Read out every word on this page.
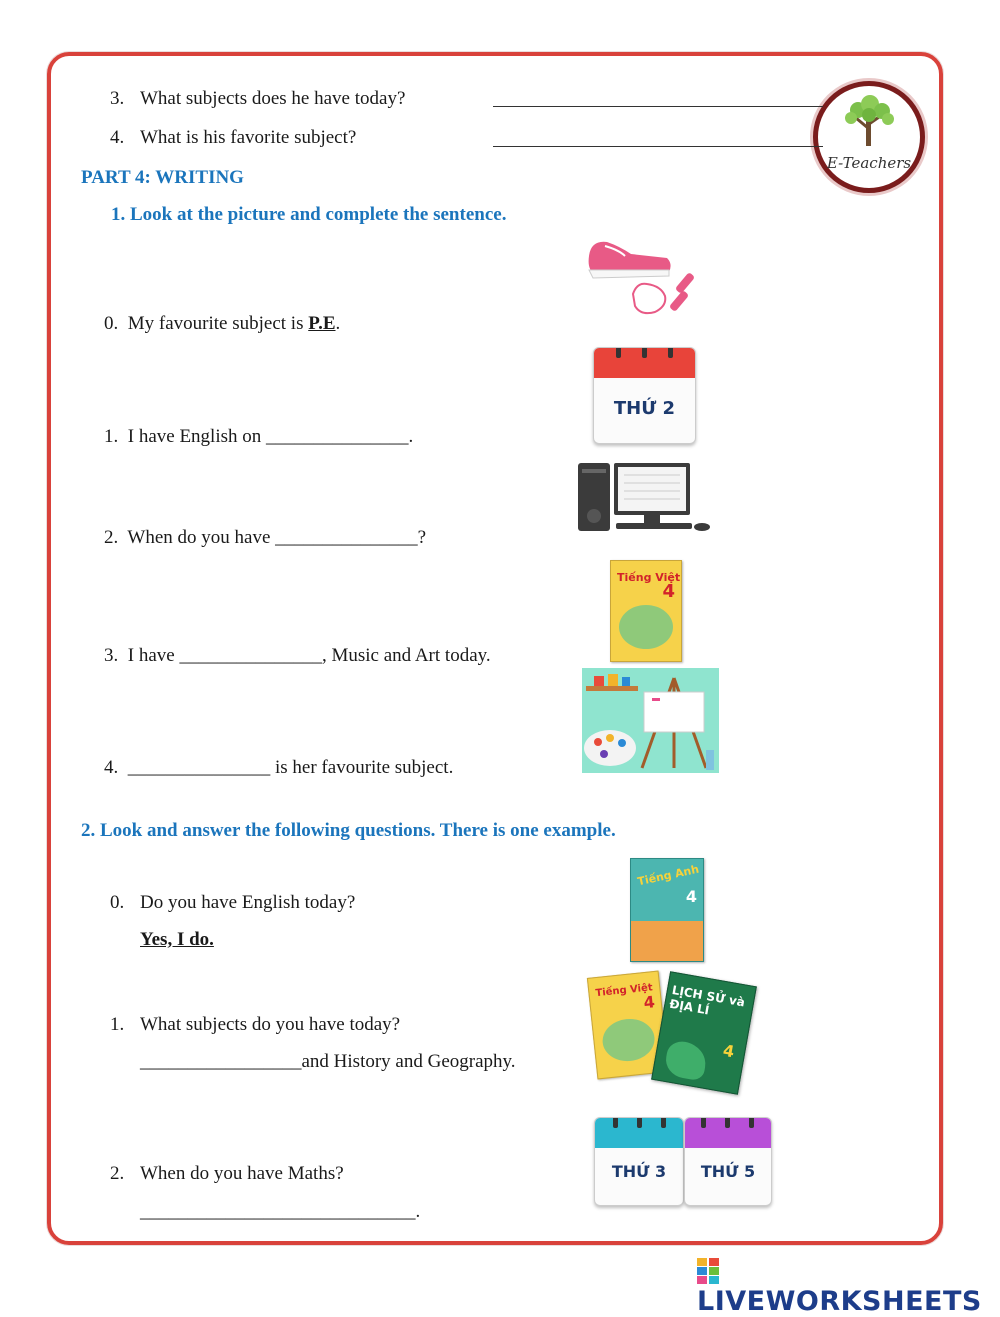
E-Teachers
3. What subjects does he have today?
4. What is his favorite subject?
PART 4: WRITING
1. Look at the picture and complete the sentence.
0. My favourite subject is P.E.
1. I have English on _______________.
2. When do you have _______________?
3. I have _______________, Music and Art today.
4. _______________ is her favourite subject.
THỨ 2
Tiếng Việt
4
2. Look and answer the following questions. There is one example.
0. Do you have English today?
Yes, I do.
1. What subjects do you have today?
_________________and History and Geography.
2. When do you have Maths?
_____________________________.
Tiếng Anh
4
Tiếng Việt
4 LỊCH SỬ và ĐỊA LÍ
4
THỨ 3	THỨ 5
LIVEWORKSHEETS
